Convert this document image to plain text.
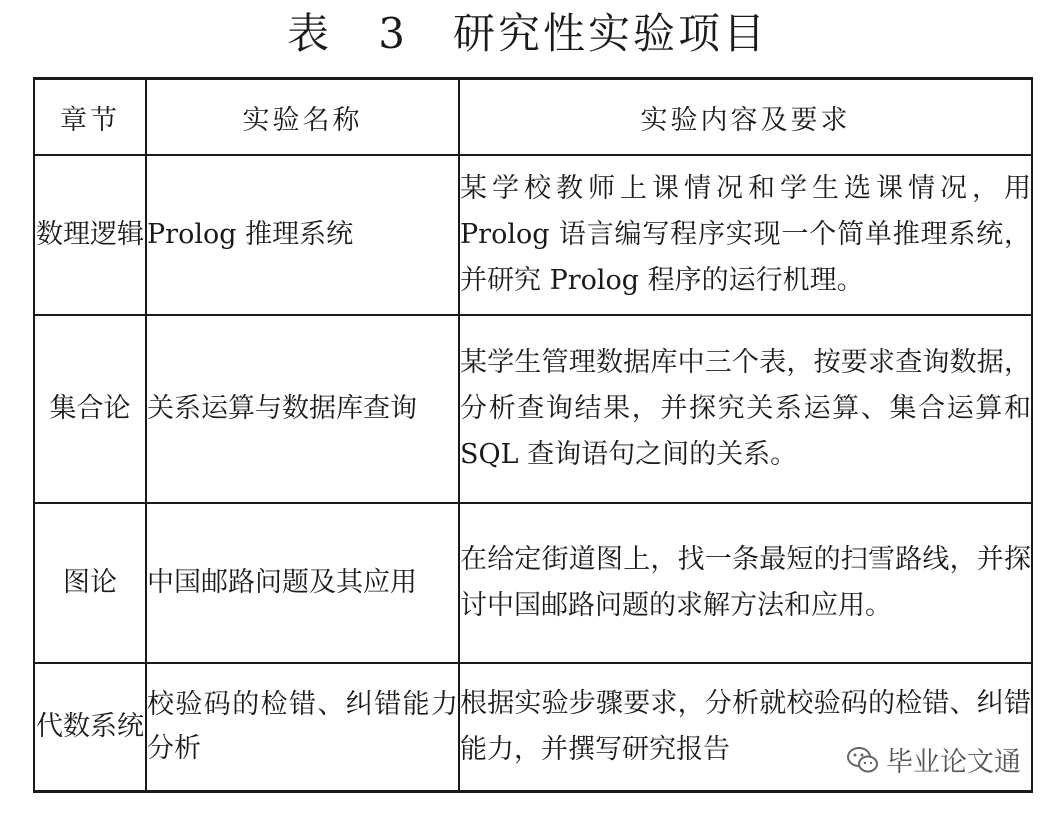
表 3　研究性实验项目
章节	实验名称	实验内容及要求
数理逻辑	Prolog 推理系统	某学校教师上课情况和学生选课情况，用 Prolog 语言编写程序实现一个简单推理系统，并研究 Prolog 程序的运行机理。
集合论	关系运算与数据库查询	某学生管理数据库中三个表，按要求查询数据，分析查询结果，并探究关系运算、集合运算和 SQL 查询语句之间的关系。
图论	中国邮路问题及其应用	在给定街道图上，找一条最短的扫雪路线，并探讨中国邮路问题的求解方法和应用。
代数系统	校验码的检错、纠错能力分析	根据实验步骤要求，分析就校验码的检错、纠错能力，并撰写研究报告	毕业论文通
